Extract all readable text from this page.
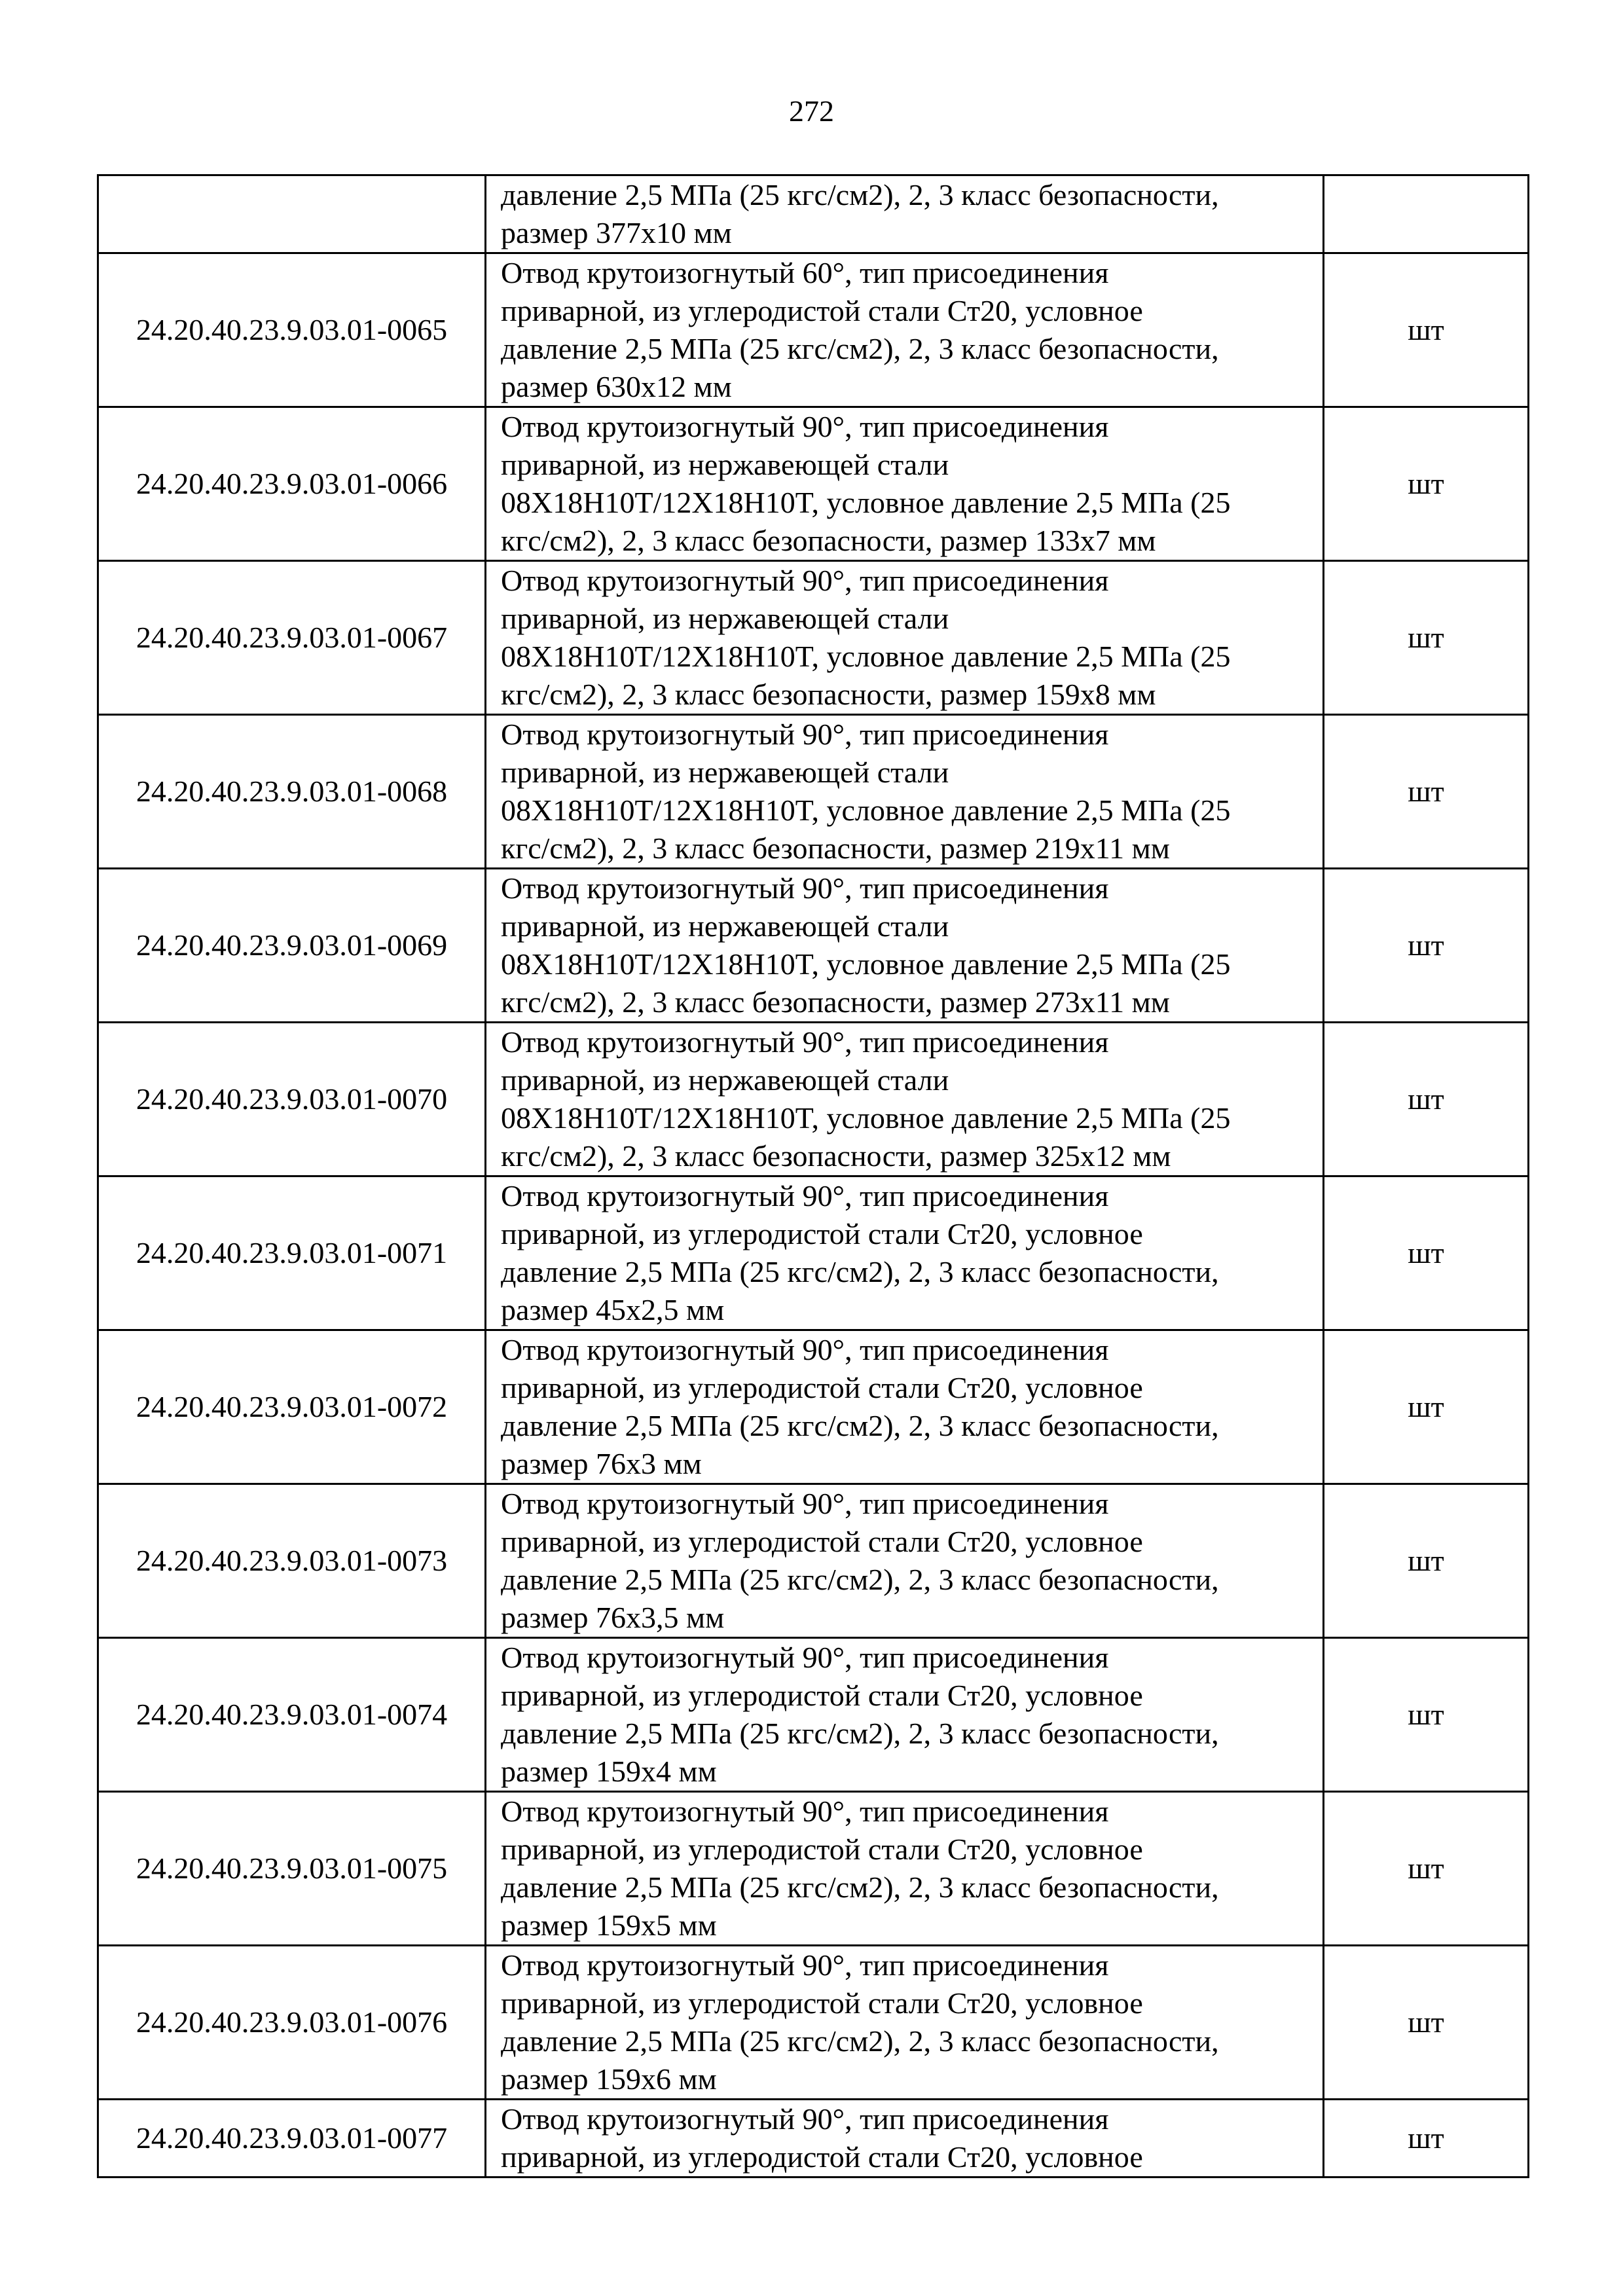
272

	давление 2,5 МПа (25 кгс/см2), 2, 3 класс безопасности,
размер 377x10 мм	

24.20.40.23.9.03.01-0065	Отвод крутоизогнутый 60°, тип присоединения
приварной, из углеродистой стали Ст20, условное
давление 2,5 МПа (25 кгс/см2), 2, 3 класс безопасности,
размер 630x12 мм	шт
24.20.40.23.9.03.01-0066	Отвод крутоизогнутый 90°, тип присоединения
приварной, из нержавеющей стали
08X18H10T/12X18H10T, условное давление 2,5 МПа (25
кгс/см2), 2, 3 класс безопасности, размер 133x7 мм	шт
24.20.40.23.9.03.01-0067	Отвод крутоизогнутый 90°, тип присоединения
приварной, из нержавеющей стали
08X18H10T/12X18H10T, условное давление 2,5 МПа (25
кгс/см2), 2, 3 класс безопасности, размер 159x8 мм	шт
24.20.40.23.9.03.01-0068	Отвод крутоизогнутый 90°, тип присоединения
приварной, из нержавеющей стали
08X18H10T/12X18H10T, условное давление 2,5 МПа (25
кгс/см2), 2, 3 класс безопасности, размер 219x11 мм	шт
24.20.40.23.9.03.01-0069	Отвод крутоизогнутый 90°, тип присоединения
приварной, из нержавеющей стали
08X18H10T/12X18H10T, условное давление 2,5 МПа (25
кгс/см2), 2, 3 класс безопасности, размер 273x11 мм	шт
24.20.40.23.9.03.01-0070	Отвод крутоизогнутый 90°, тип присоединения
приварной, из нержавеющей стали
08X18H10T/12X18H10T, условное давление 2,5 МПа (25
кгс/см2), 2, 3 класс безопасности, размер 325x12 мм	шт
24.20.40.23.9.03.01-0071	Отвод крутоизогнутый 90°, тип присоединения
приварной, из углеродистой стали Ст20, условное
давление 2,5 МПа (25 кгс/см2), 2, 3 класс безопасности,
размер 45x2,5 мм	шт
24.20.40.23.9.03.01-0072	Отвод крутоизогнутый 90°, тип присоединения
приварной, из углеродистой стали Ст20, условное
давление 2,5 МПа (25 кгс/см2), 2, 3 класс безопасности,
размер 76x3 мм	шт
24.20.40.23.9.03.01-0073	Отвод крутоизогнутый 90°, тип присоединения
приварной, из углеродистой стали Ст20, условное
давление 2,5 МПа (25 кгс/см2), 2, 3 класс безопасности,
размер 76x3,5 мм	шт
24.20.40.23.9.03.01-0074	Отвод крутоизогнутый 90°, тип присоединения
приварной, из углеродистой стали Ст20, условное
давление 2,5 МПа (25 кгс/см2), 2, 3 класс безопасности,
размер 159x4 мм	шт
24.20.40.23.9.03.01-0075	Отвод крутоизогнутый 90°, тип присоединения
приварной, из углеродистой стали Ст20, условное
давление 2,5 МПа (25 кгс/см2), 2, 3 класс безопасности,
размер 159x5 мм	шт
24.20.40.23.9.03.01-0076	Отвод крутоизогнутый 90°, тип присоединения
приварной, из углеродистой стали Ст20, условное
давление 2,5 МПа (25 кгс/см2), 2, 3 класс безопасности,
размер 159x6 мм	шт
24.20.40.23.9.03.01-0077	Отвод крутоизогнутый 90°, тип присоединения
приварной, из углеродистой стали Ст20, условное	шт
